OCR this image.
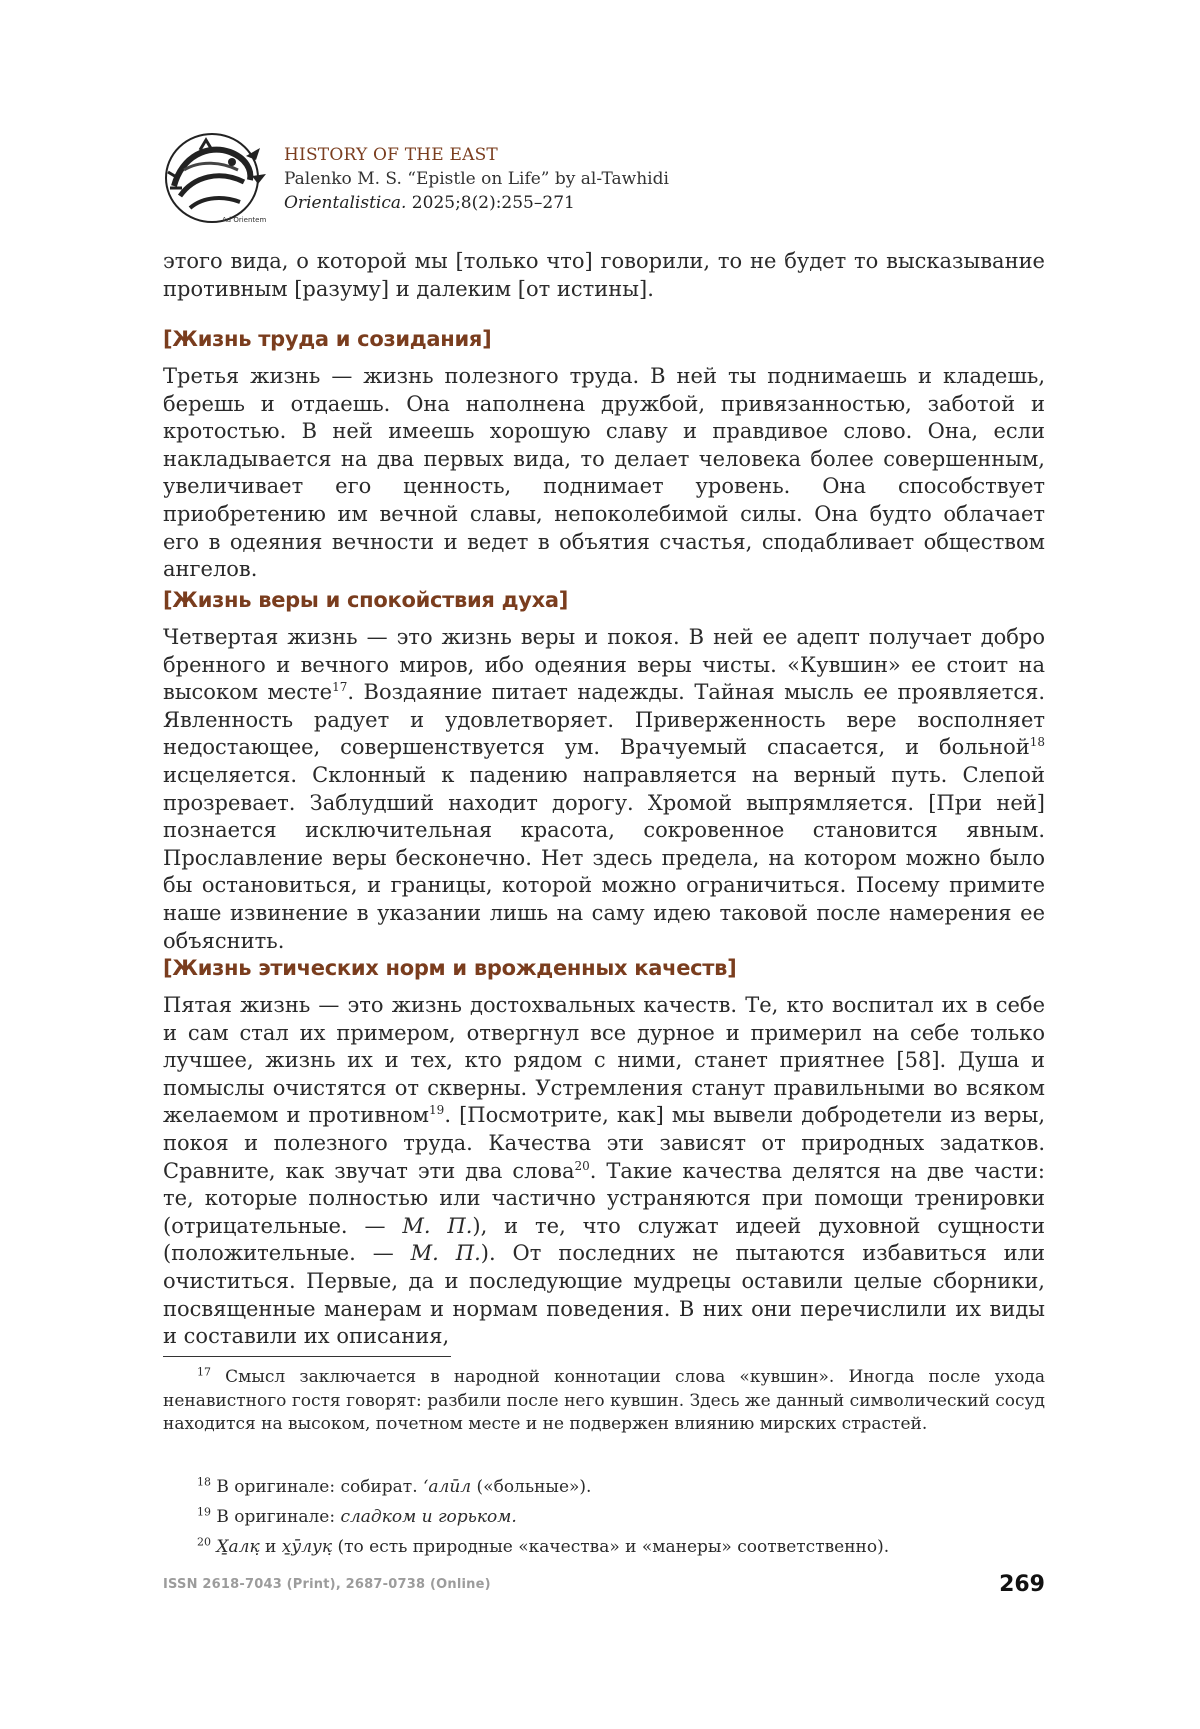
Ad Orientem
HISTORY OF THE EAST
Palenko M. S. “Epistle on Life” by al-Tawhidi
Orientalistica. 2025;8(2):255–271

этого вида, о которой мы [только что] говорили, то не будет то высказывание противным [разуму] и далеким [от истины].

[Жизнь труда и созидания]

Третья жизнь — жизнь полезного труда. В ней ты поднимаешь и кладешь, берешь и отдаешь. Она наполнена дружбой, привязанностью, заботой и кротостью. В ней имеешь хорошую славу и правдивое слово. Она, если накладывается на два первых вида, то делает человека более совершенным, увеличивает его ценность, поднимает уровень. Она способствует приобретению им вечной славы, непоколебимой силы. Она будто облачает его в одеяния вечности и ведет в объятия счастья, сподабливает обществом ангелов.

[Жизнь веры и спокойствия духа]

Четвертая жизнь — это жизнь веры и покоя. В ней ее адепт получает добро бренного и вечного миров, ибо одеяния веры чисты. «Кувшин» ее стоит на высоком месте$^{17}$. Воздаяние питает надежды. Тайная мысль ее проявляется. Явленность радует и удовлетворяет. Приверженность вере восполняет недостающее, совершенствуется ум. Врачуемый спасается, и больной$^{18}$ исцеляется. Склонный к падению направляется на верный путь. Слепой прозревает. Заблудший находит дорогу. Хромой выпрямляется. [При ней] познается исключительная красота, сокровенное становится явным. Прославление веры бесконечно. Нет здесь предела, на котором можно было бы остановиться, и границы, которой можно ограничиться. Посему примите наше извинение в указании лишь на саму идею таковой после намерения ее объяснить.

[Жизнь этических норм и врожденных качеств]

Пятая жизнь — это жизнь достохвальных качеств. Те, кто воспитал их в себе и сам стал их примером, отвергнул все дурное и примерил на себе только лучшее, жизнь их и тех, кто рядом с ними, станет приятнее [58]. Душа и помыслы очистятся от скверны. Устремления станут правильными во всяком желаемом и противном$^{19}$. [Посмотрите, как] мы вывели добродетели из веры, покоя и полезного труда. Качества эти зависят от природных задатков. Сравните, как звучат эти два слова$^{20}$. Такие качества делятся на две части: те, которые полностью или частично устраняются при помощи тренировки (отрицательные. — М. П.), и те, что служат идеей духовной сущности (положительные. — М. П.). От последних не пытаются избавиться или очиститься. Первые, да и последующие мудрецы оставили целые сборники, посвященные манерам и нормам поведения. В них они перечислили их виды и составили их описания,

$^{17}$ Смысл заключается в народной коннотации слова «кувшин». Иногда после ухода ненавистного гостя говорят: разбили после него кувшин. Здесь же данный символический сосуд находится на высоком, почетном месте и не подвержен влиянию мирских страстей.

$^{18}$ В оригинале: собират. ‘алӣл («больные»).

$^{19}$ В оригинале: сладком и горьком.

$^{20}$ Х̱алк̣ и х̱ӯлук̣ (то есть природные «качества» и «манеры» соответственно).

ISSN 2618-7043 (Print), 2687-0738 (Online)	269
